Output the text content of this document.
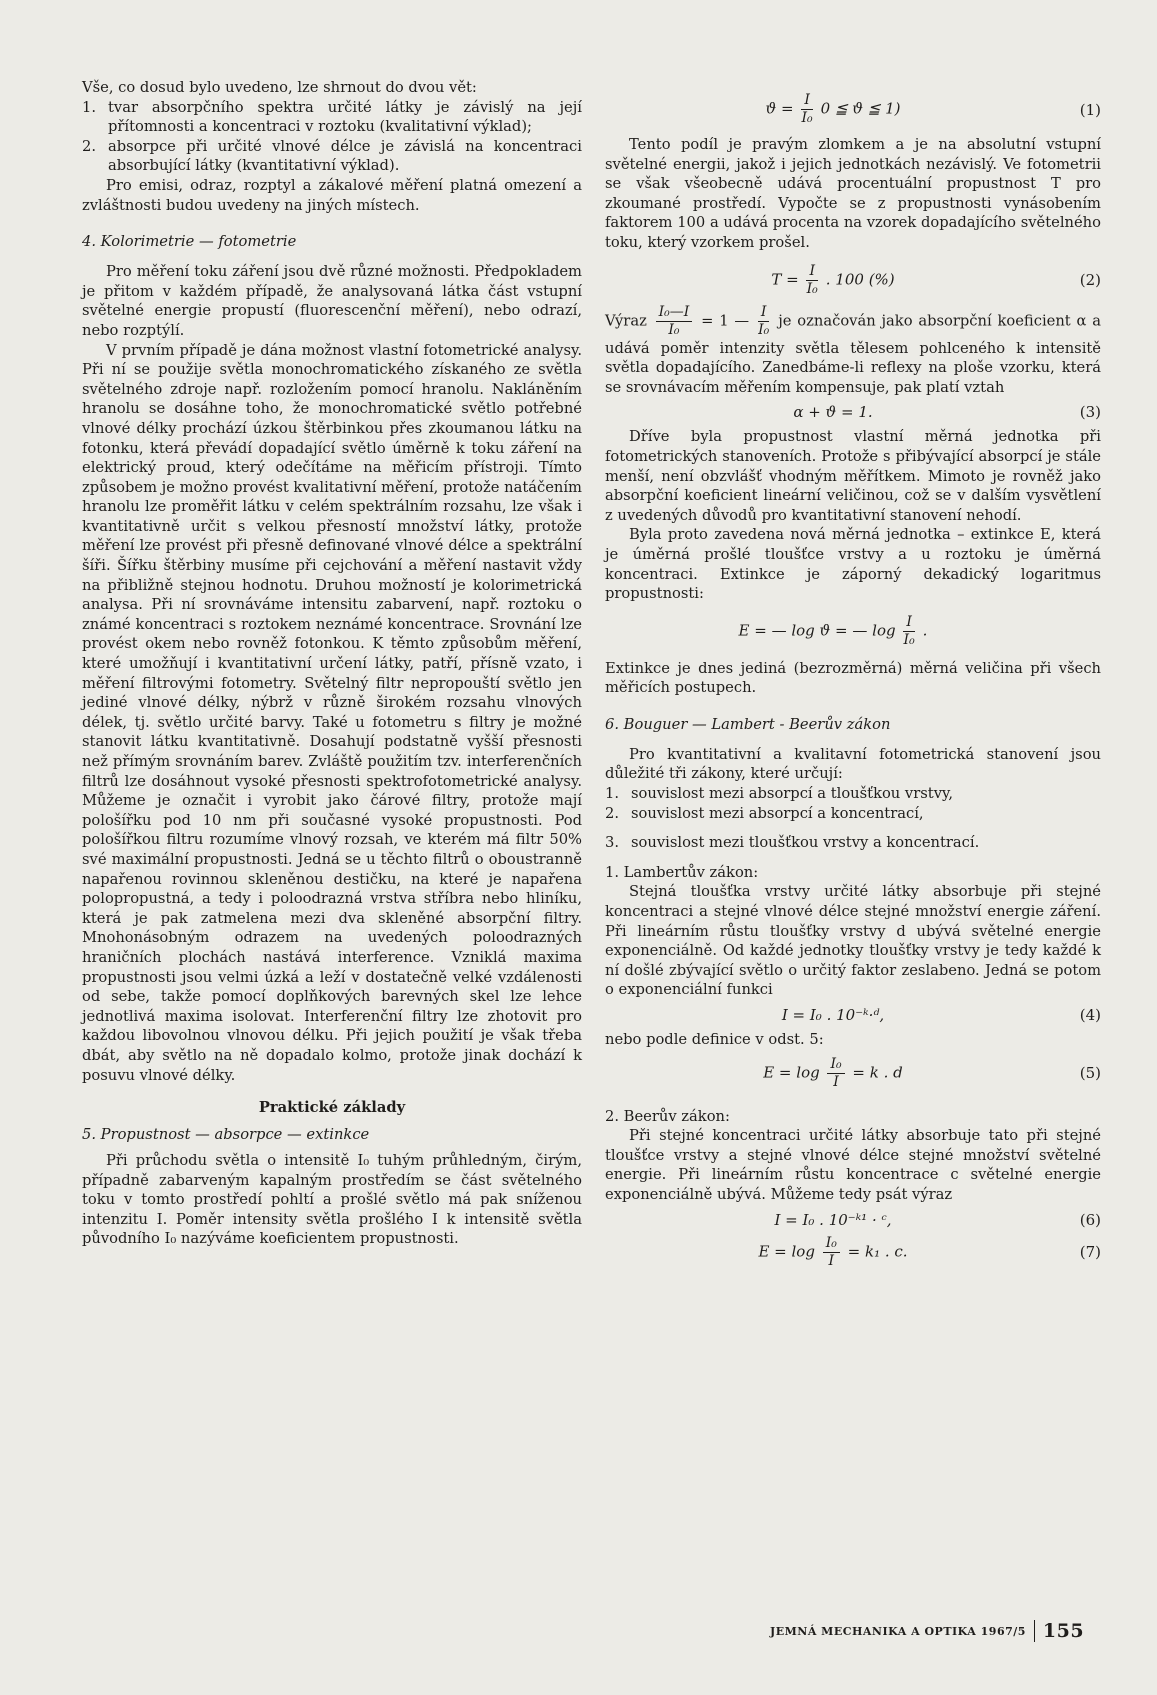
Vše, co dosud bylo uvedeno, lze shrnout do dvou vět:

1. tvar absorpčního spektra určité látky je závislý na její přítomnosti a koncentraci v roztoku (kvalitativní výklad);
2. absorpce při určité vlnové délce je závislá na koncentraci absorbující látky (kvantitativní výklad).

Pro emisi, odraz, rozptyl a zákalové měření platná omezení a zvláštnosti budou uvedeny na jiných místech.

4. Kolorimetrie — fotometrie

Pro měření toku záření jsou dvě různé možnosti. Předpokladem je přitom v každém případě, že analysovaná látka část vstupní světelné energie propustí (fluorescenční měření), nebo odrazí, nebo rozptýlí.

V prvním případě je dána možnost vlastní fotometrické analysy. Při ní se použije světla monochromatického získaného ze světla světelného zdroje např. rozložením pomocí hranolu. Nakláněním hranolu se dosáhne toho, že monochromatické světlo potřebné vlnové délky prochází úzkou štěrbinkou přes zkoumanou látku na fotonku, která převádí dopadající světlo úměrně k toku záření na elektrický proud, který odečítáme na měřicím přístroji. Tímto způsobem je možno provést kvalitativní měření, protože natáčením hranolu lze proměřit látku v celém spektrálním rozsahu, lze však i kvantitativně určit s velkou přesností množství látky, protože měření lze provést při přesně definované vlnové délce a spektrální šíři. Šířku štěrbiny musíme při cejchování a měření nastavit vždy na přibližně stejnou hodnotu. Druhou možností je kolorimetrická analysa. Při ní srovnáváme intensitu zabarvení, např. roztoku o známé koncentraci s roztokem neznámé koncentrace. Srovnání lze provést okem nebo rovněž fotonkou. K těmto způsobům měření, které umožňují i kvantitativní určení látky, patří, přísně vzato, i měření filtrovými fotometry. Světelný filtr nepropouští světlo jen jediné vlnové délky, nýbrž v různě širokém rozsahu vlnových délek, tj. světlo určité barvy. Také u fotometru s filtry je možné stanovit látku kvantitativně. Dosahují podstatně vyšší přesnosti než přímým srovnáním barev. Zvláště použitím tzv. interferenčních filtrů lze dosáhnout vysoké přesnosti spektrofotometrické analysy. Můžeme je označit i vyrobit jako čárové filtry, protože mají pološířku pod 10 nm při současné vysoké propustnosti. Pod pološířkou filtru rozumíme vlnový rozsah, ve kterém má filtr 50% své maximální propustnosti. Jedná se u těchto filtrů o oboustranně napařenou rovinnou skleněnou destičku, na které je napařena polopropustná, a tedy i poloodrazná vrstva stříbra nebo hliníku, která je pak zatmelena mezi dva skleněné absorpční filtry. Mnohonásobným odrazem na uvedených poloodrazných hraničních plochách nastává interference. Vzniklá maxima propustnosti jsou velmi úzká a leží v dostatečně velké vzdálenosti od sebe, takže pomocí doplňkových barevných skel lze lehce jednotlivá maxima isolovat. Interferenční filtry lze zhotovit pro každou libovolnou vlnovou délku. Při jejich použití je však třeba dbát, aby světlo na ně dopadalo kolmo, protože jinak dochází k posuvu vlnové délky.

Praktické základy
5. Propustnost — absorpce — extinkce

Při průchodu světla o intensitě I₀ tuhým průhledným, čirým, případně zabarveným kapalným prostředím se část světelného toku v tomto prostředí pohltí a prošlé světlo má pak sníženou intenzitu I. Poměr intensity světla prošlého I k intensitě světla původního I₀ nazýváme koeficientem propustnosti.

$ϑ = \frac{I}{\text{I₀}} 0$ ≦ ϑ ≦ 1)	(1)

Tento podíl je pravým zlomkem a je na absolutní vstupní světelné energii, jakož i jejich jednotkách nezávislý. Ve fotometrii se však všeobecně udává procentuální propustnost T pro zkoumané prostředí. Vypočte se z propustnosti vynásobením faktorem 100 a udává procenta na vzorek dopadajícího světelného toku, který vzorkem prošel.

$T = \frac{I}{\text{I₀}}$ . 100 (%)	(2)

Výraz $\frac{\text{I₀—I}}{\text{I₀}} = 1$ — $\frac{I}{\text{I₀}}$ je označován jako absorpční koeficient α a udává poměr intenzity světla tělesem pohlceného k intensitě světla dopadajícího. Zanedbáme-li reflexy na ploše vzorku, která se srovnávacím měřením kompensuje, pak platí vztah

α + ϑ = 1.	(3)

Dříve byla propustnost vlastní měrná jednotka při fotometrických stanoveních. Protože s přibývající absorpcí je stále menší, není obzvlášť vhodným měřítkem. Mimoto je rovněž jako absorpční koeficient lineární veličinou, což se v dalším vysvětlení z uvedených důvodů pro kvantitativní stanovení nehodí.

Byla proto zavedena nová měrná jednotka – extinkce E, která je úměrná prošlé tloušťce vrstvy a u roztoku je úměrná koncentraci. Extinkce je záporný dekadický logaritmus propustnosti:

E = — log ϑ = — $\log \frac{I}{\text{I₀}}$ .

Extinkce je dnes jediná (bezrozměrná) měrná veličina při všech měřicích postupech.

6. Bouguer — Lambert - Beerův zákon

Pro kvantitativní a kvalitavní fotometrická stanovení jsou důležité tři zákony, které určují:

1. souvislost mezi absorpcí a tloušťkou vrstvy,
2. souvislost mezi absorpcí a koncentrací,
3. souvislost mezi tloušťkou vrstvy a koncentrací.

1. Lambertův zákon:

Stejná tloušťka vrstvy určité látky absorbuje při stejné koncentraci a stejné vlnové délce stejné množství energie záření. Při lineárním růstu tloušťky vrstvy d ubývá světelné energie exponenciálně. Od každé jednotky tloušťky vrstvy je tedy každé k ní došlé zbývající světlo o určitý faktor zeslabeno. Jedná se potom o exponenciální funkci

I = I₀ . 10⁻ᵏ·ᵈ,	(4)

nebo podle definice v odst. 5:

$E = \log \frac{\text{I₀}}{I} = k$ . d	(5)

2. Beerův zákon:

Při stejné koncentraci určité látky absorbuje tato při stejné tloušťce vrstvy a stejné vlnové délce stejné množství světelné energie. Při lineárním růstu koncentrace c světelné energie exponenciálně ubývá. Můžeme tedy psát výraz

I = I₀ . 10⁻ᵏ¹ · ᶜ,	(6)
$E = \log \frac{\text{I₀}}{I} = k_1$ . c.	(7)
JEMNÁ MECHANIKA A OPTIKA 1967/5 155
